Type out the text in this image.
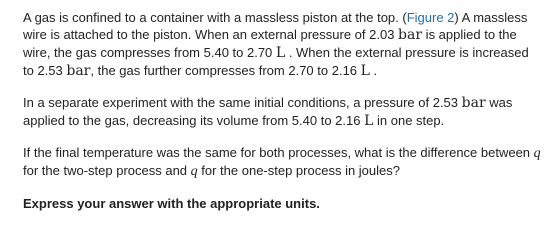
A gas is confined to a container with a massless piston at the top. (Figure 2) A massless wire is attached to the piston. When an external pressure of 2.03 bar is applied to the wire, the gas compresses from 5.40 to 2.70 L . When the external pressure is increased to 2.53 bar, the gas further compresses from 2.70 to 2.16 L .

In a separate experiment with the same initial conditions, a pressure of 2.53 bar was applied to the gas, decreasing its volume from 5.40 to 2.16 L in one step.

If the final temperature was the same for both processes, what is the difference between q for the two-step process and q for the one-step process in joules?

Express your answer with the appropriate units.
